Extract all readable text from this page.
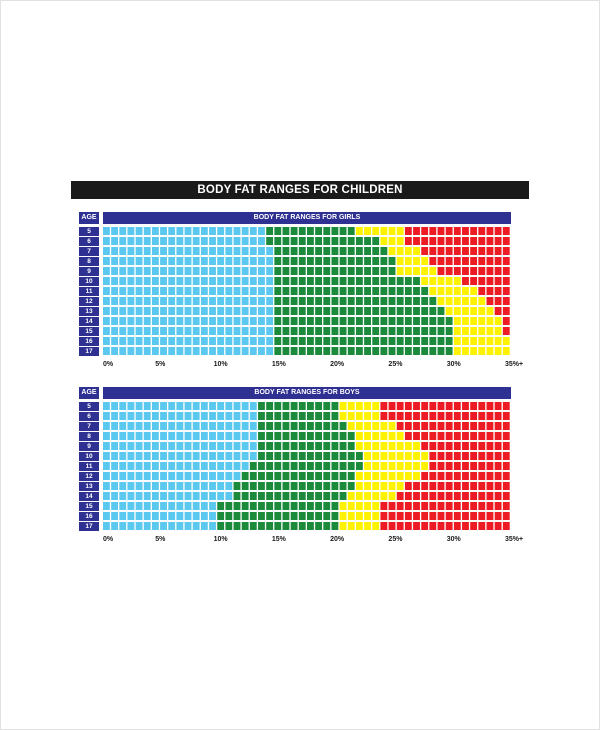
BODY FAT RANGES FOR CHILDREN
AGE	BODY FAT RANGES FOR GIRLS
5
6
7
8
9
10
11
12
13
14
15
16
17
0%	5%	10%	15%	20%	25%	30%	35%+
AGE	BODY FAT RANGES FOR BOYS
5
6
7
8
9
10
11
12
13
14
15
16
17
0%	5%	10%	15%	20%	25%	30%	35%+
